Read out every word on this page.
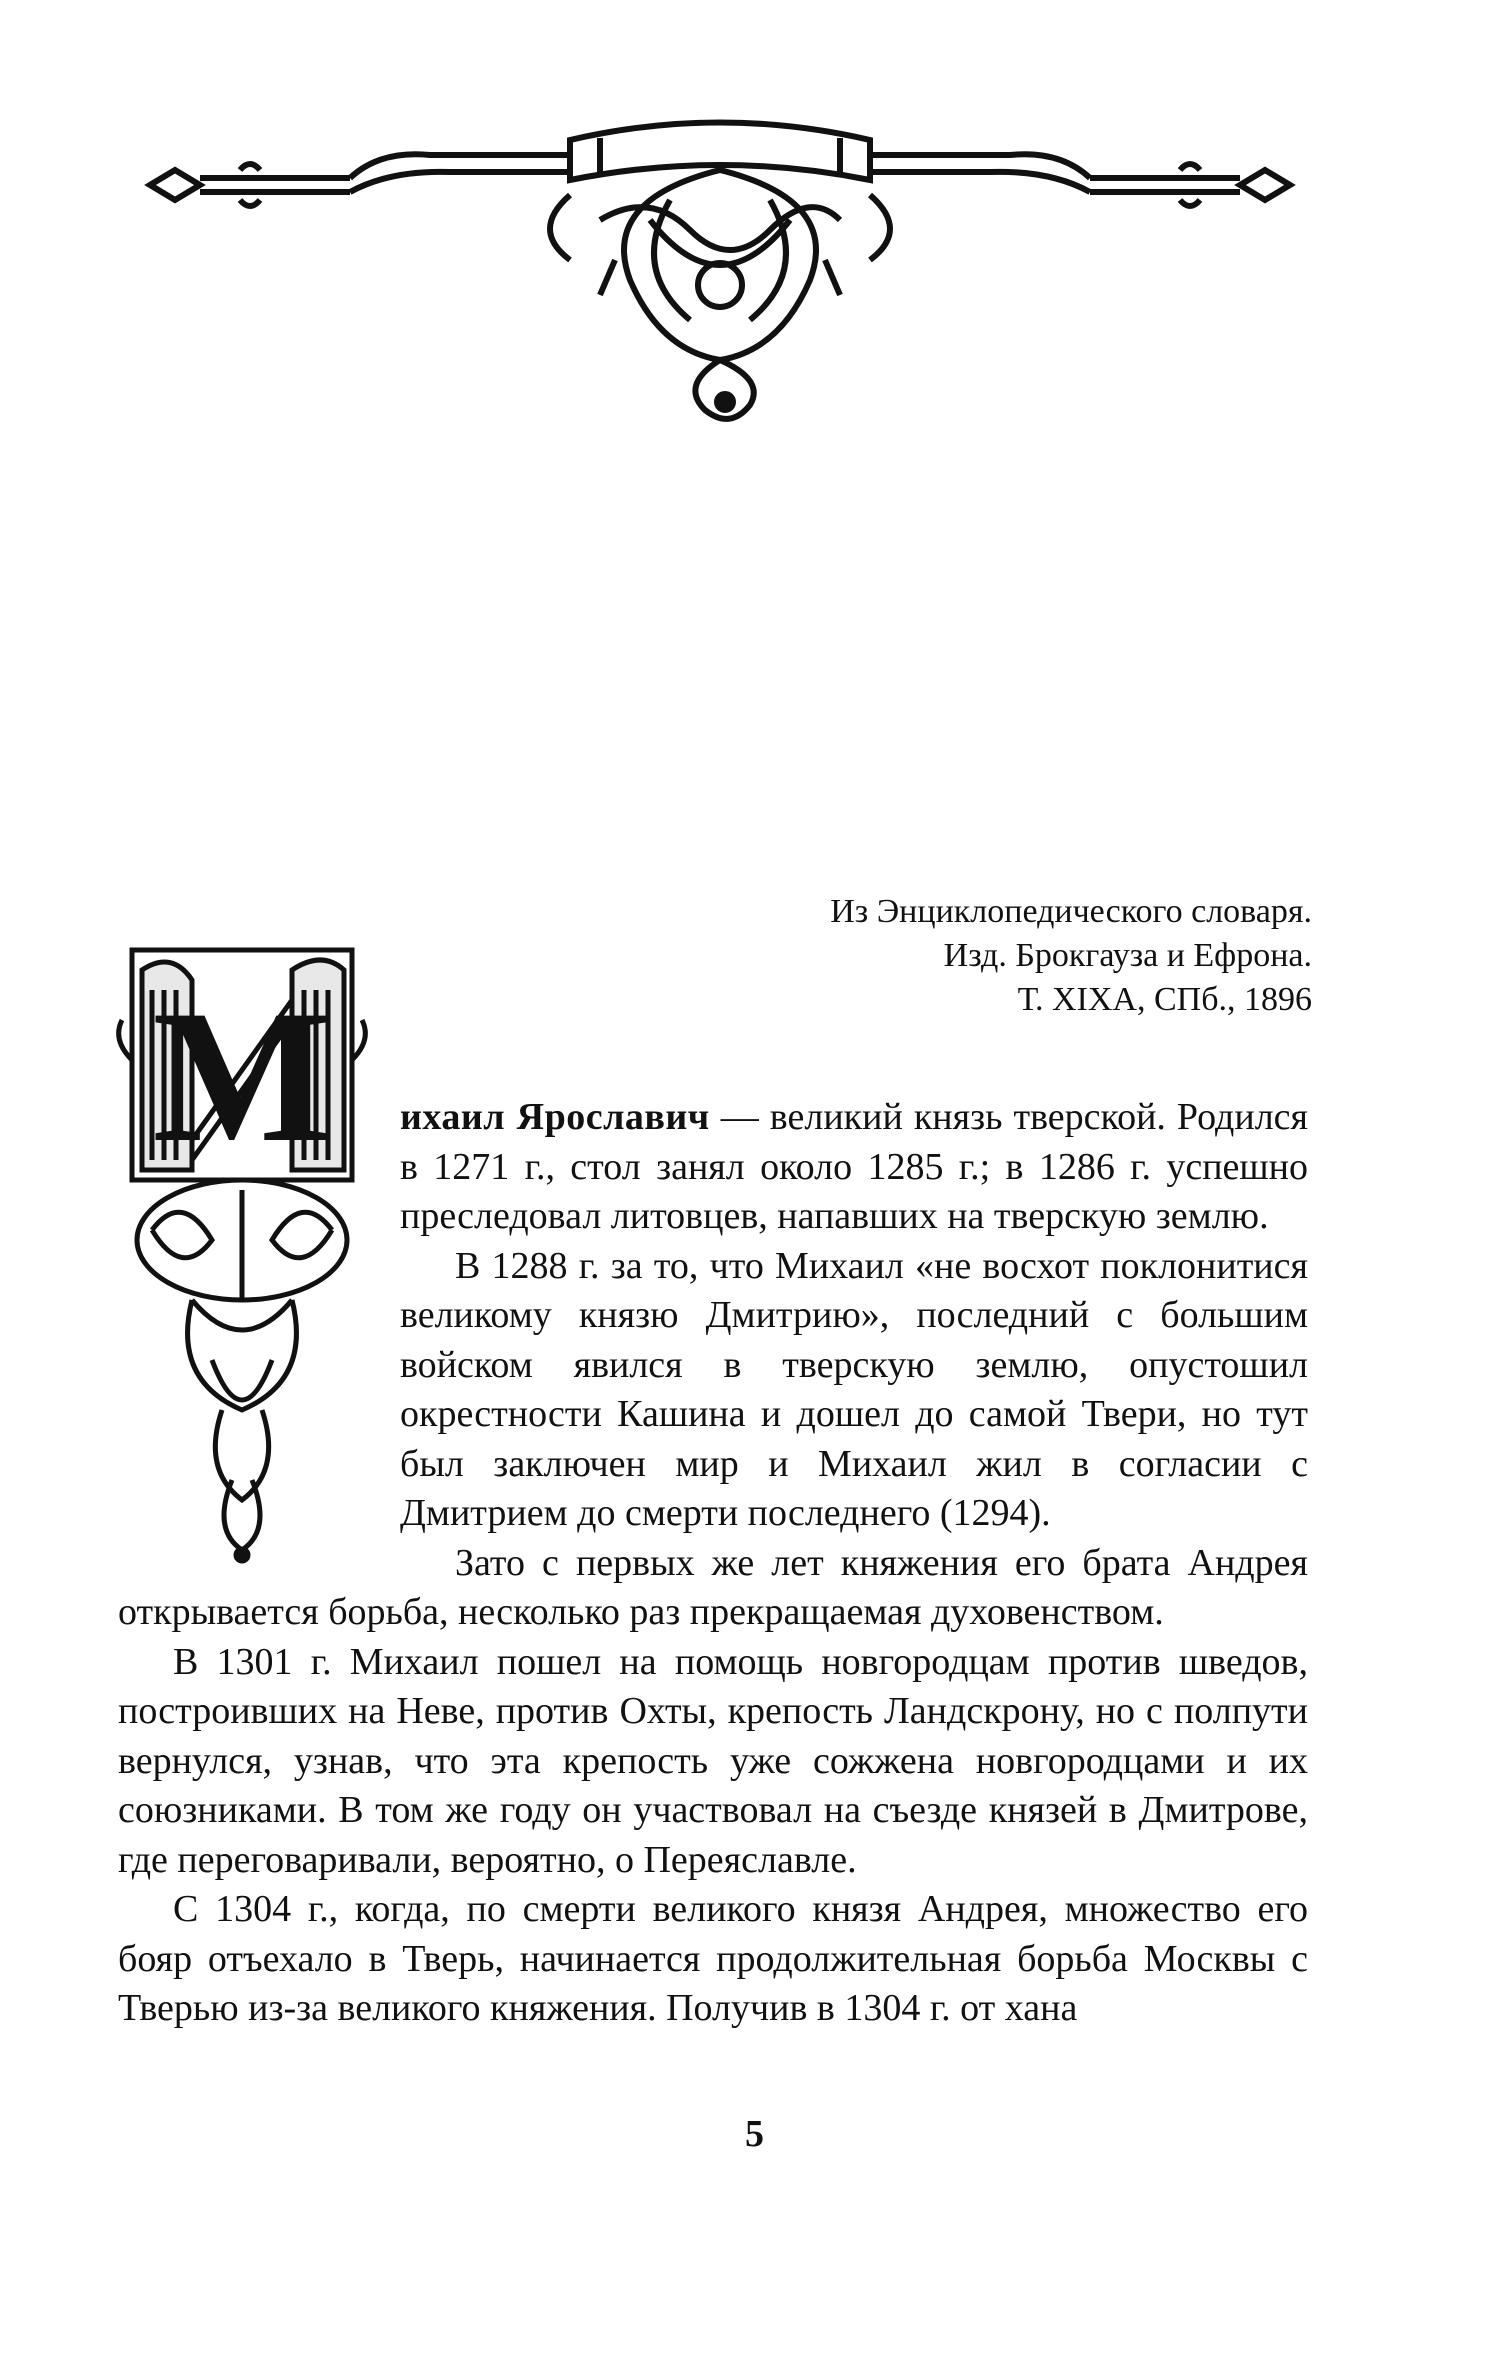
Из Энциклопедического словаря.
Изд. Брокгауза и Ефрона.
Т. XIXA, СПб., 1896
М ихаил Ярославич — великий князь тверской. Родился в 1271 г., стол занял около 1285 г.; в 1286 г. успешно преследовал литовцев, напавших на тверскую землю.

В 1288 г. за то, что Михаил «не восхот поклонитися великому князю Дмитрию», последний с большим войском явился в тверскую землю, опустошил окрестности Кашина и дошел до самой Твери, но тут был заключен мир и Михаил жил в согласии с Дмитрием до смерти последнего (1294).

Зато с первых же лет княжения его брата Андрея открывается борьба, несколько раз прекращаемая духовенством.

В 1301 г. Михаил пошел на помощь новгородцам против шведов, построивших на Неве, против Охты, крепость Ландскрону, но с полпути вернулся, узнав, что эта крепость уже сожжена новгородцами и их союзниками. В том же году он участвовал на съезде князей в Дмитрове, где переговаривали, вероятно, о Переяславле.

С 1304 г., когда, по смерти великого князя Андрея, множество его бояр отъехало в Тверь, начинается продолжительная борьба Москвы с Тверью из-за великого княжения. Получив в 1304 г. от хана

5
